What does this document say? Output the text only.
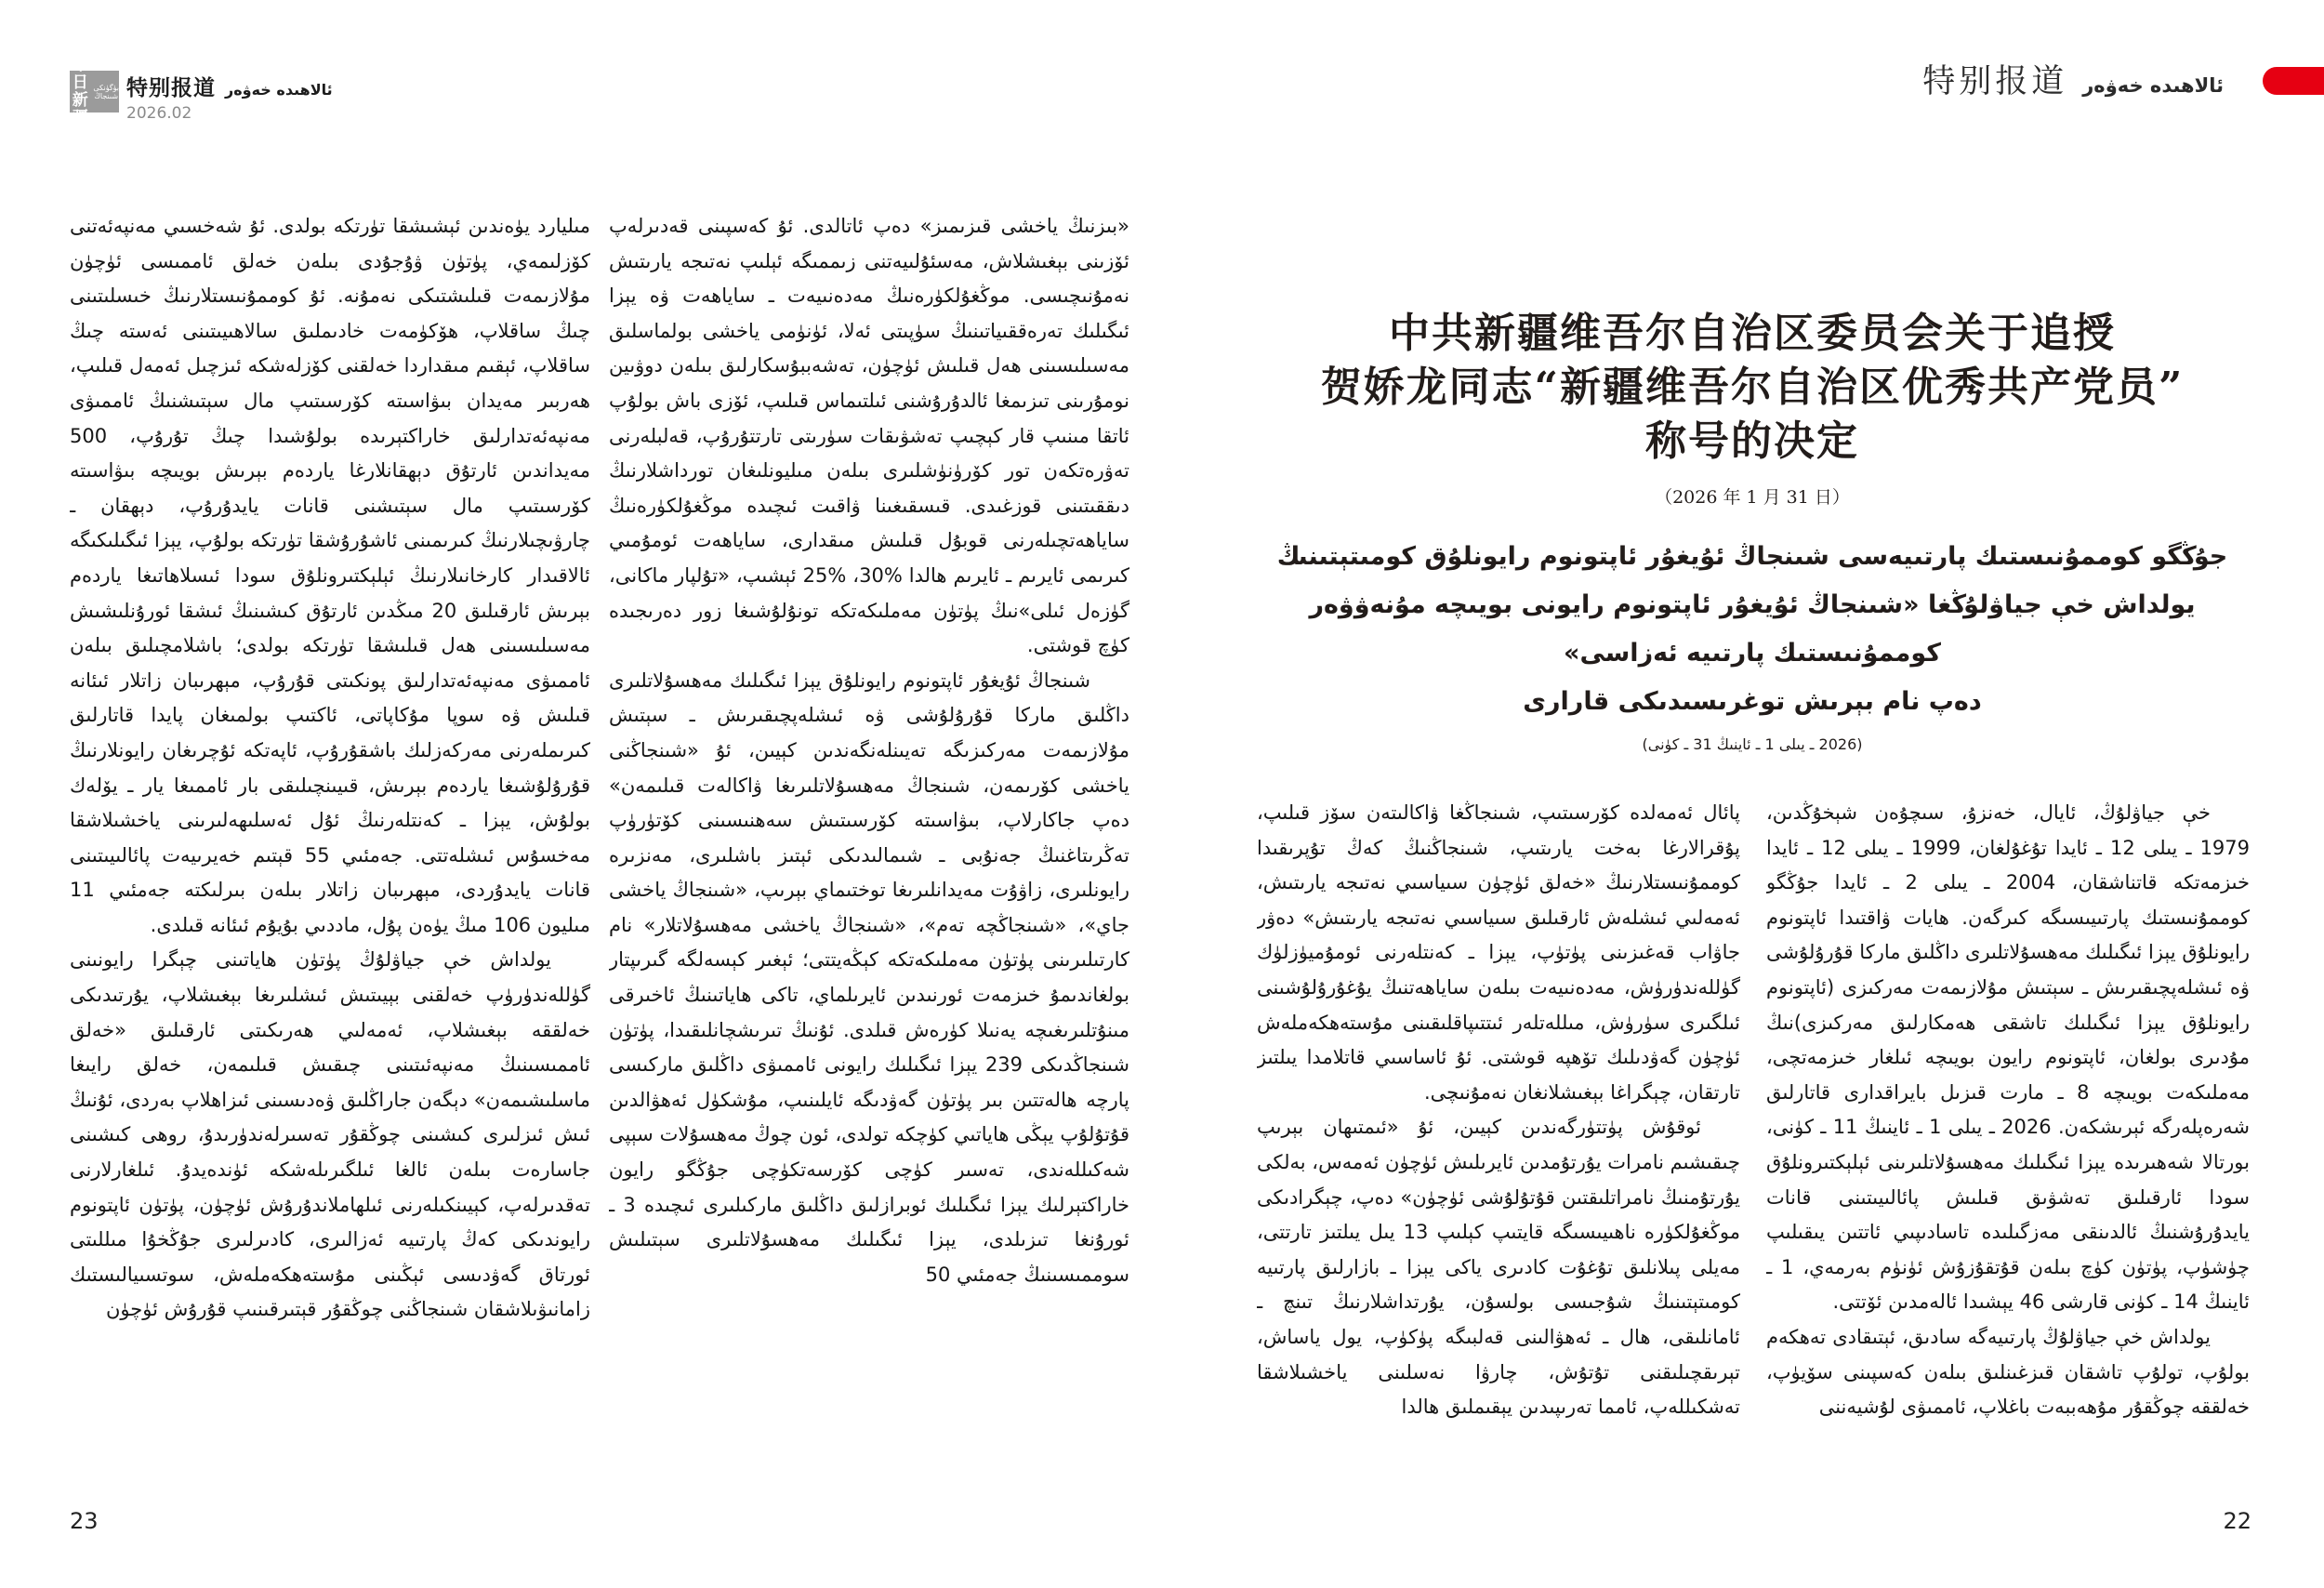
今日
新疆
بۈگۈنكى
شىنجاڭ 特别报道 ئالاھىدە خەۋەر
2026.02
特别报道 ئالاھىدە خەۋەر
中共新疆维吾尔自治区委员会关于追授
贺娇龙同志“新疆维吾尔自治区优秀共产党员”
称号的决定
（2026 年 1 月 31 日）
جۇڭگو كوممۇنىستىك پارتىيەسى شىنجاڭ ئۇيغۇر ئاپتونوم رايونلۇق كومىتېتىنىڭ
يولداش خې جياۋلۇڭغا «شىنجاڭ ئۇيغۇر ئاپتونوم رايونى بويىچە مۇنەۋۋەر كوممۇنىستىك پارتىيە ئەزاسى»
دەپ نام بېرىش توغرىسىدىكى قارارى
(2026 ـ يىلى 1 ـ ئاينىڭ 31 ـ كۈنى)

خې جياۋلۇڭ، ئايال، خەنزۇ، سىچۇەن شېخۇڭدىن، 1979 ـ يىلى 12 ـ ئايدا تۇغۇلغان، 1999 ـ يىلى 12 ـ ئايدا خىزمەتكە قاتناشقان، 2004 ـ يىلى 2 ـ ئايدا جۇڭگو كوممۇنىستىك پارتىيىسىگە كىرگەن. ھايات ۋاقتىدا ئاپتونوم رايونلۇق يېزا ئىگىلىك مەھسۇلاتلىرى داڭلىق ماركا قۇرۇلۇشى ۋە ئىشلەپچىقىرىش ـ سېتىش مۇلازىمەت مەركىزى (ئاپتونوم رايونلۇق يېزا ئىگىلىك تاشقى ھەمكارلىق مەركىزى)نىڭ مۇدىرى بولغان، ئاپتونوم رايون بويىچە ئىلغار خىزمەتچى، مەملىكەت بويىچە 8 ـ مارت قىزىل بايراقدارى قاتارلىق شەرەپلەرگە ئېرىشكەن. 2026 ـ يىلى 1 ـ ئاينىڭ 11 ـ كۈنى، بورتالا شەھىرىدە يېزا ئىگىلىك مەھسۇلاتلىرىنى ئېلېكتىرونلۇق سودا ئارقىلىق تەشۋىق قىلىش پائالىيىتىنى قانات يايدۇرۇشنىڭ ئالدىنقى مەزگىلىدە تاسادىپىي ئاتتىن يىقىلىپ چۈشۈپ، پۈتۈن كۈچ بىلەن قۇتقۇزۇش ئۈنۈم بەرمەي، 1 ـ ئاينىڭ 14 ـ كۈنى قارشى 46 يېشىدا ئالەمدىن ئۆتتى.

يولداش خې جياۋلۇڭ پارتىيەگە سادىق، ئېتىقادى تەھكەم بولۇپ، تولۇپ تاشقان قىزغىنلىق بىلەن كەسپىنى سۆيۈپ، خەلققە چوڭقۇر مۇھەببەت باغلاپ، ئاممىۋى لۇشيەننى

پائال ئەمەلدە كۆرسىتىپ، شىنجاڭغا ۋاكالىتەن سۆز قىلىپ، پۇقرالارغا بەخت يارىتىپ، شىنجاڭنىڭ كەڭ تۇپرىقىدا كوممۇنىستلارنىڭ «خەلق ئۈچۈن سىياسىي نەتىجە يارىتىش، ئەمەلىي ئىشلەش ئارقىلىق سىياسىي نەتىجە يارىتىش» دەۋر جاۋاب قەغىزىنى پۈتۈپ، يېزا ـ كەنتلەرنى ئومۇميۈزلۈك گۈللەندۈرۈش، مەدەنىيەت بىلەن ساياھەتنىڭ يۇغۇرۇلۇشىنى ئىلگىرى سۈرۈش، مىللەتلەر ئىتتىپاقلىقىنى مۇستەھكەملەش ئۈچۈن گەۋدىلىك تۆھپە قوشتى. ئۇ ئاساسىي قاتلامدا يىلتىز تارتقان، چېگراغا بېغىشلانغان نەمۇنىچى.

ئوقۇش پۈتتۈرگەندىن كېيىن، ئۇ «ئىمتىھان بېرىپ چىقىشىم نامرات يۇرتۇمدىن ئايرىلىش ئۈچۈن ئەمەس، بەلكى يۇرتۇمنىڭ نامراتلىقتىن قۇتۇلۇشى ئۈچۈن» دەپ، چېگرادىكى موڭغۇلكۈرە ناھىيىسىگە قايتىپ كېلىپ 13 يىل يىلتىز تارتتى، مەيلى پىلانلىق تۇغۇت كادىرى ياكى يېزا ـ بازارلىق پارتىيە كومىتېتىنىڭ شۇجىسى بولسۇن، يۇرتداشلارنىڭ تىنچ ـ ئامانلىقى، ھال ـ ئەھۋالىنى قەلبىگە پۈكۈپ، يول ياساش، تېرىقچىلىقنى تۇتۇش، چارۋا نەسلىنى ياخشىلاشقا تەشكىللەپ، ئامما تەرىپىدىن يېقىملىق ھالدا

«بىزنىڭ ياخشى قىزىمىز» دەپ ئاتالدى. ئۇ كەسپىنى قەدىرلەپ ئۆزىنى بېغىشلاش، مەسئۇلىيەتنى زىممىگە ئېلىپ نەتىجە يارىتىش نەمۇنىچىسى. موڭغۇلكۈرەنىڭ مەدەنىيەت ـ ساياھەت ۋە يېزا ئىگىلىك تەرەققىياتىنىڭ سۈپىتى ئەلا، ئۈنۈمى ياخشى بولماسلىق مەسىلىسىنى ھەل قىلىش ئۈچۈن، تەشەببۇسكارلىق بىلەن دوۋىين نومۇرىنى تىزىمغا ئالدۇرۇشنى ئىلتىماس قىلىپ، ئۆزى باش بولۇپ ئاتقا مىنىپ قار كېچىپ تەشۋىقات سۈرىتى تارتتۇرۇپ، قەلبلەرنى تەۋرەتكەن تور كۆرۈنۈشلىرى بىلەن مىليونلىغان تورداشلارنىڭ دىققىتىنى قوزغىدى. قىسقىغىنا ۋاقىت ئىچىدە موڭغۇلكۈرەنىڭ ساياھەتچىلەرنى قوبۇل قىلىش مىقدارى، ساياھەت ئومۇمىي كىرىمى ئايرىم ـ ئايرىم ھالدا %30، %25 ئېشىپ، «تۇلپار ماكانى، گۈزەل ئىلى»نىڭ پۈتۈن مەملىكەتكە تونۇلۇشىغا زور دەرىجىدە كۈچ قوشتى.

شىنجاڭ ئۇيغۇر ئاپتونوم رايونلۇق يېزا ئىگىلىك مەھسۇلاتلىرى داڭلىق ماركا قۇرۇلۇشى ۋە ئىشلەپچىقىرىش ـ سېتىش مۇلازىمەت مەركىزىگە تەيىنلەنگەندىن كېيىن، ئۇ «شىنجاڭنى ياخشى كۆرىمەن، شىنجاڭ مەھسۇلاتلىرىغا ۋاكالەت قىلىمەن» دەپ جاكارلاپ، بىۋاسىتە كۆرسىتىش سەھنىسىنى كۆتۈرۈپ تەڭرىتاغنىڭ جەنۇبى ـ شىمالىدىكى ئېتىز باشلىرى، مەنزىرە رايونلىرى، زاۋۇت مەيدانلىرىغا توختىماي بېرىپ، «شىنجاڭ ياخشى جاي»، «شىنجاڭچە تەم»، «شىنجاڭ ياخشى مەھسۇلاتلار» نام كارتىلىرىنى پۈتۈن مەملىكەتكە كېڭەيتتى؛ ئېغىر كېسەلگە گىرىپتار بولغاندىمۇ خىزمەت ئورنىدىن ئايرىلماي، تاكى ھاياتىنىڭ ئاخىرقى مىنۇتلىرىغىچە يەنىلا كۈرەش قىلدى. ئۇنىڭ تىرىشچانلىقىدا، پۈتۈن شىنجاڭدىكى 239 يېزا ئىگىلىك رايونى ئاممىۋى داڭلىق ماركىسى پارچە ھالەتتىن بىر پۈتۈن گەۋدىگە ئايلىنىپ، مۇشكۈل ئەھۋالدىن قۇتۇلۇپ يېڭى ھاياتىي كۈچكە تولدى، ئون چوڭ مەھسۇلات سېپى شەكىللەندى، تەسىر كۈچى كۆرسەتكۈچى جۇڭگو رايون خاراكتېرلىك يېزا ئىگىلىك ئوبرازلىق داڭلىق ماركىلىرى ئىچىدە 3 ـ ئورۇنغا تىزىلدى، يېزا ئىگىلىك مەھسۇلاتلىرى سېتىلىش سوممىسىنىڭ جەمئىي 50

مىليارد يۈەندىن ئېشىشقا تۈرتكە بولدى. ئۇ شەخسىي مەنپەئەتنى كۆزلىمەي، پۈتۈن ۋۇجۇدى بىلەن خەلق ئاممىسى ئۈچۈن مۇلازىمەت قىلىشتىكى نەمۇنە. ئۇ كوممۇنىستلارنىڭ خىسلىتىنى چىڭ ساقلاپ، ھۆكۈمەت خادىملىق سالاھىيىتىنى ئەستە چىڭ ساقلاپ، ئېقىم مىقداردا خەلقنى كۆزلەشكە ئىزچىل ئەمەل قىلىپ، ھەربىر مەيدان بىۋاسىتە كۆرسىتىپ مال سېتىشنىڭ ئاممىۋى مەنپەئەتدارلىق خاراكتېرىدە بولۇشىدا چىڭ تۇرۇپ، 500 مەيداندىن ئارتۇق دېھقانلارغا ياردەم بېرىش بويىچە بىۋاسىتە كۆرسىتىپ مال سېتىشنى قانات يايدۇرۇپ، دېھقان ـ چارۋىچىلارنىڭ كىرىمىنى ئاشۇرۇشقا تۈرتكە بولۇپ، يېزا ئىگىلىكىگە ئالاقىدار كارخانىلارنىڭ ئېلېكتىرونلۇق سودا ئىسلاھاتىغا ياردەم بېرىش ئارقىلىق 20 مىڭدىن ئارتۇق كىشىنىڭ ئىشقا ئورۇنلىشىش مەسىلىسىنى ھەل قىلىشقا تۈرتكە بولدى؛ باشلامچىلىق بىلەن ئاممىۋى مەنپەئەتدارلىق پونكىتى قۇرۇپ، مېھرىبان زاتلار ئىئانە قىلىش ۋە سوپا مۇكاپاتى، ئاكتىپ بولمىغان پايدا قاتارلىق كىرىملەرنى مەركەزلىك باشقۇرۇپ، ئاپەتكە ئۇچرىغان رايونلارنىڭ قۇرۇلۇشىغا ياردەم بېرىش، قىيىنچىلىقى بار ئاممىغا يار ـ يۆلەك بولۇش، يېزا ـ كەنتلەرنىڭ ئۇل ئەسلىھەلىرىنى ياخشىلاشقا مەخسۇس ئىشلەتتى. جەمئىي 55 قېتىم خەيرىيەت پائالىيىتىنى قانات يايدۇردى، مېھرىبان زاتلار بىلەن بىرلىكتە جەمئىي 11 مىليون 106 مىڭ يۈەن پۇل، ماددىي بۇيۇم ئىئانە قىلدى.

يولداش خې جياۋلۇڭ پۈتۈن ھاياتىنى چېگرا رايونىنى گۈللەندۈرۈپ خەلقنى بېيىتىش ئىشلىرىغا بېغىشلاپ، يۇرتىدىكى خەلققە بېغىشلاپ، ئەمەلىي ھەرىكىتى ئارقىلىق «خەلق ئاممىسىنىڭ مەنپەئىتىنى چىقىش قىلىمەن، خەلق رايىغا ماسلىشىمەن» دېگەن جاراڭلىق ۋەدىسىنى ئىزاھلاپ بەردى، ئۇنىڭ ئىش ئىزلىرى كىشىنى چوڭقۇر تەسىرلەندۈرىدۇ، روھى كىشىنى جاسارەت بىلەن ئالغا ئىلگىرىلەشكە ئۈندەيدۇ. ئىلغارلارنى تەقدىرلەپ، كېيىنكىلەرنى ئىلھاملاندۇرۇش ئۈچۈن، پۈتۈن ئاپتونوم رايوندىكى كەڭ پارتىيە ئەزالىرى، كادىرلىرى جۇڭخۇا مىللىتى ئورتاق گەۋدىسى ئېڭىنى مۇستەھكەملەش، سوتسىيالىستىك زامانىۋىلاشقان شىنجاڭنى چوڭقۇر قېتىرقىنىپ قۇرۇش ئۈچۈن

23	22
